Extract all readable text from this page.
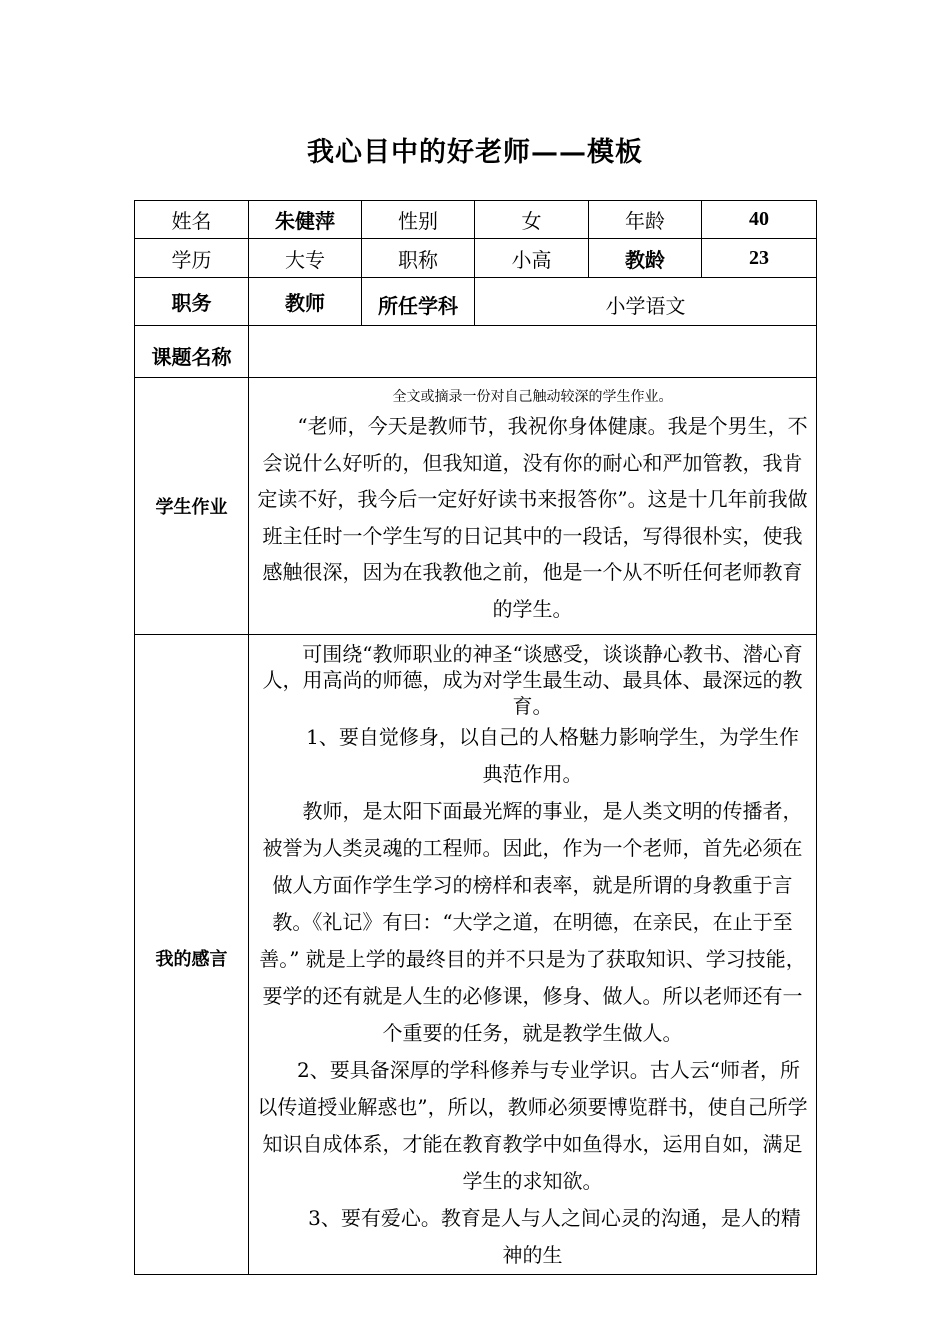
我心目中的好老师——模板
姓名	朱健萍	性别	女	年龄	40
学历	大专	职称	小高	教龄	23
职务	教师	所任学科	小学语文		
课题名称					
学生作业	全文或摘录一份对自己触动较深的学生作业。

“老师，今天是教师节，我祝你身体健康。我是个男生，不会说什么好听的，但我知道，没有你的耐心和严加管教，我肯定读不好，我今后一定好好读书来报答你”。这是十几年前我做班主任时一个学生写的日记其中的一段话，写得很朴实，使我感触很深，因为在我教他之前，他是一个从不听任何老师教育的学生。				

我的感言	可围绕“教师职业的神圣“谈感受，谈谈静心教书、潜心育人，用高尚的师德，成为对学生最生动、最具体、最深远的教育。

1、要自觉修身，以自己的人格魅力影响学生，为学生作典范作用。

教师，是太阳下面最光辉的事业，是人类文明的传播者，被誉为人类灵魂的工程师。因此，作为一个老师，首先必须在做人方面作学生学习的榜样和表率，就是所谓的身教重于言教。《礼记》有曰：“大学之道，在明德，在亲民，在止于至善。” 就是上学的最终目的并不只是为了获取知识、学习技能，要学的还有就是人生的必修课，修身、做人。所以老师还有一个重要的任务，就是教学生做人。

2、要具备深厚的学科修养与专业学识。古人云“师者，所以传道授业解惑也”，所以，教师必须要博览群书，使自己所学知识自成体系，才能在教育教学中如鱼得水，运用自如，满足学生的求知欲。

3、要有爱心。教育是人与人之间心灵的沟通，是人的精神的生				
